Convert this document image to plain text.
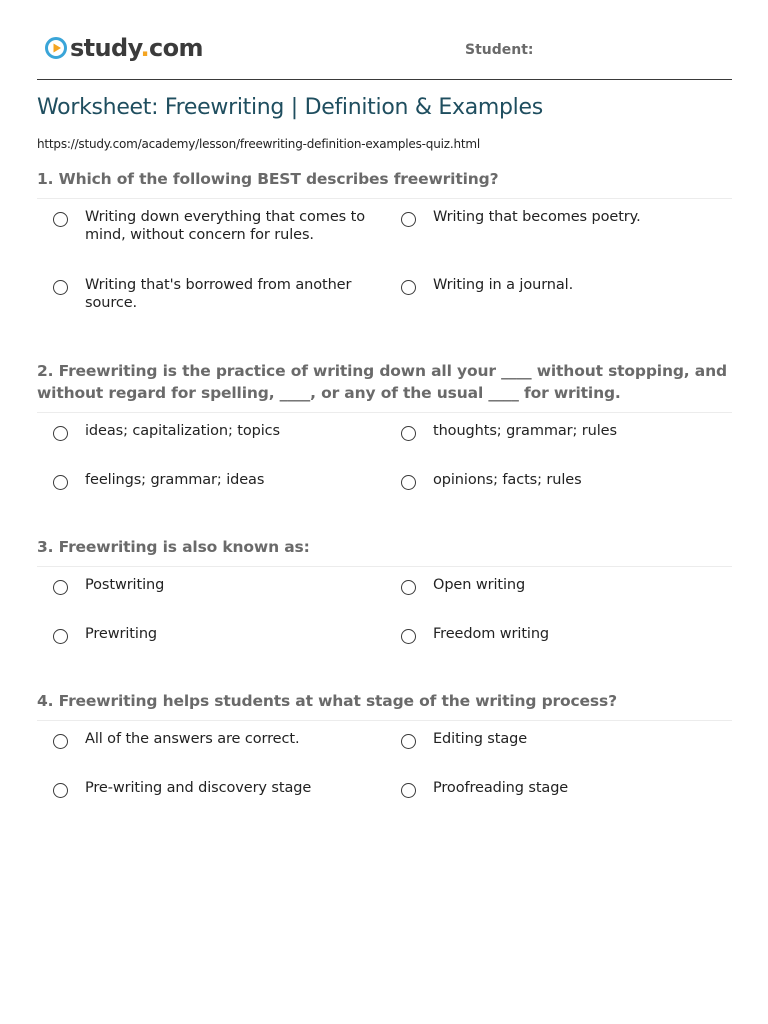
study.com	Student:
Worksheet: Freewriting | Definition & Examples
https://study.com/academy/lesson/freewriting-definition-examples-quiz.html
1. Which of the following BEST describes freewriting?
Writing down everything that comes to mind, without concern for rules.
Writing that becomes poetry.
Writing that's borrowed from another source.
Writing in a journal.
2. Freewriting is the practice of writing down all your ____ without stopping, and without regard for spelling, ____, or any of the usual ____ for writing.
ideas; capitalization; topics	thoughts; grammar; rules
feelings; grammar; ideas	opinions; facts; rules
3. Freewriting is also known as:
Postwriting	Open writing
Prewriting	Freedom writing
4. Freewriting helps students at what stage of the writing process?
All of the answers are correct.	Editing stage
Pre-writing and discovery stage	Proofreading stage
